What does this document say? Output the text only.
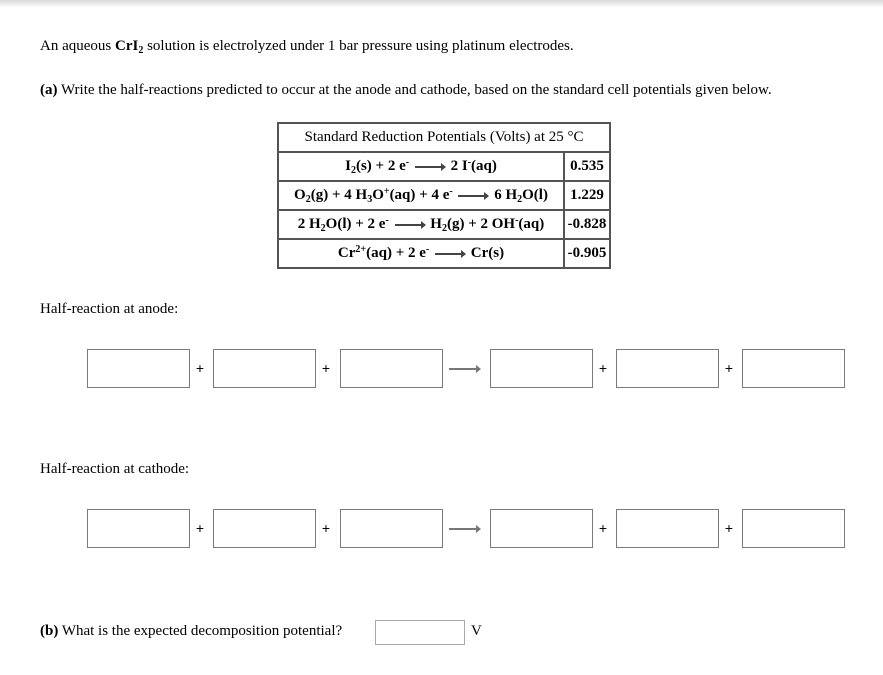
An aqueous CrI$_2$ solution is electrolyzed under 1 bar pressure using platinum electrodes.
(a) Write the half-reactions predicted to occur at the anode and cathode, based on the standard cell potentials given below.
Standard Reduction Potentials (Volts) at 25 °C	
$I_2(s) + 2$ e- → 2 I-(aq)	0.535
$O_2(g) + 4$ $H_3O^+(aq) + 4$ e- → 6 $H_2O(l)$	1.229
2 $H_2O(l) + 2$ $e^- \to H_2(g) + 2$ OH-(aq)	-0.828
$Cr^{2+}(aq) + 2$ e- → Cr(s)	-0.905
Half-reaction at anode:
+	+	+	+
Half-reaction at cathode:
+	+	+	+
(b) What is the expected decomposition potential?	V
